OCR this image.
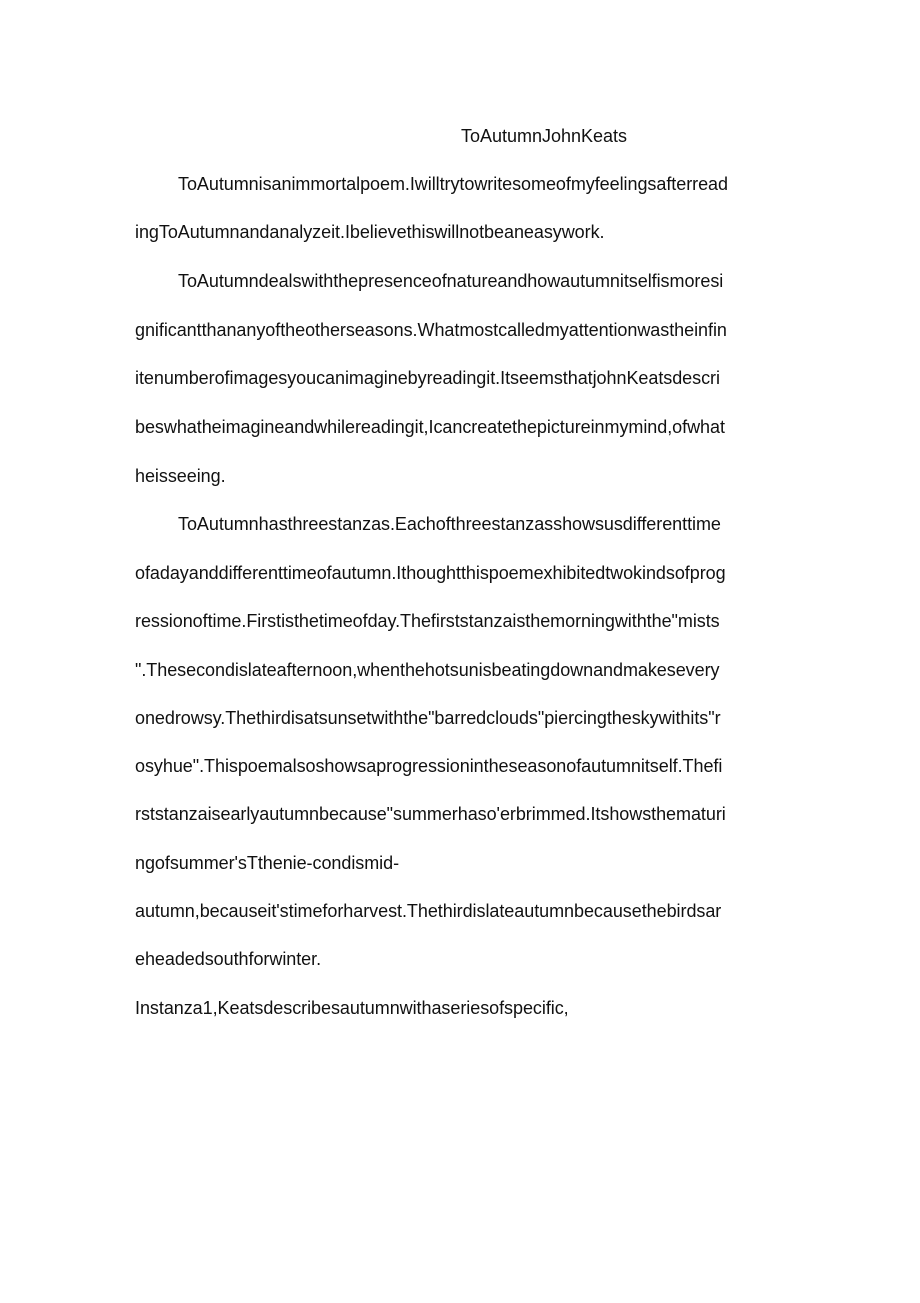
ToAutumnJohnKeats
ToAutumnisanimmortalpoem.Iwilltrytowritesomeofmyfeelingsafterread
ingToAutumnandanalyzeit.Ibelievethiswillnotbeaneasywork.
ToAutumndealswiththepresenceofnatureandhowautumnitselfismoresi
gnificantthananyoftheotherseasons.Whatmostcalledmyattentionwastheinfin
itenumberofimagesyoucanimaginebyreadingit.ItseemsthatjohnKeatsdescri
beswhatheimagineandwhilereadingit,Icancreatethepictureinmymind,ofwhat
heisseeing.
ToAutumnhasthreestanzas.Eachofthreestanzasshowsusdifferenttime
ofadayanddifferenttimeofautumn.Ithoughtthispoemexhibitedtwokindsofprog
ressionoftime.Firstisthetimeofday.Thefirststanzaisthemorningwiththe"mists
".Thesecondislateafternoon,whenthehotsunisbeatingdownandmakesevery
onedrowsy.Thethirdisatsunsetwiththe"barredclouds"piercingtheskywithits"r
osyhue".Thispoemalsoshowsaprogressionintheseasonofautumnitself.Thefi
rststanzaisearlyautumnbecause"summerhaso'erbrimmed.Itshowsthematuri
ngofsummer'sTthenie-condismid-
autumn,becauseit'stimeforharvest.Thethirdislateautumnbecausethebirdsar
eheadedsouthforwinter.
Instanza1,Keatsdescribesautumnwithaseriesofspecific,
